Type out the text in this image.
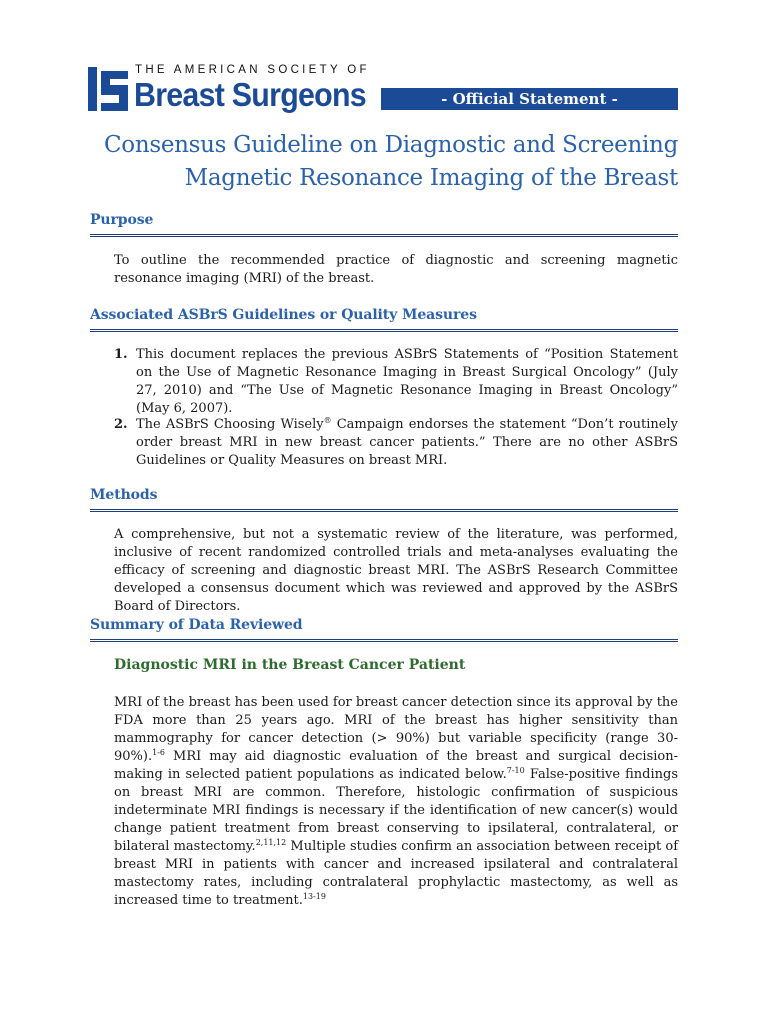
THE AMERICAN SOCIETY OF
Breast Surgeons	- Official Statement -
Consensus Guideline on Diagnostic and Screening
Magnetic Resonance Imaging of the Breast
Purpose
To outline the recommended practice of diagnostic and screening magnetic resonance imaging (MRI) of the breast.
Associated ASBrS Guidelines or Quality Measures
1. This document replaces the previous ASBrS Statements of “Position Statement on the Use of Magnetic Resonance Imaging in Breast Surgical Oncology” (July 27, 2010) and “The Use of Magnetic Resonance Imaging in Breast Oncology” (May 6, 2007).
2. The ASBrS Choosing Wisely® Campaign endorses the statement “Don’t routinely order breast MRI in new breast cancer patients.” There are no other ASBrS Guidelines or Quality Measures on breast MRI.
Methods
A comprehensive, but not a systematic review of the literature, was performed, inclusive of recent randomized controlled trials and meta-analyses evaluating the efficacy of screening and diagnostic breast MRI. The ASBrS Research Committee developed a consensus document which was reviewed and approved by the ASBrS Board of Directors.
Summary of Data Reviewed
Diagnostic MRI in the Breast Cancer Patient
MRI of the breast has been used for breast cancer detection since its approval by the FDA more than 25 years ago. MRI of the breast has higher sensitivity than mammography for cancer detection (> 90%) but variable specificity (range 30-90%).$^{1-6}$ MRI may aid diagnostic evaluation of the breast and surgical decision-making in selected patient populations as indicated below.$^{7-10}$ False-positive findings on breast MRI are common. Therefore, histologic confirmation of suspicious indeterminate MRI findings is necessary if the identification of new cancer(s) would change patient treatment from breast conserving to ipsilateral, contralateral, or bilateral mastectomy.$^{2,11,12}$ Multiple studies confirm an association between receipt of breast MRI in patients with cancer and increased ipsilateral and contralateral mastectomy rates, including contralateral prophylactic mastectomy, as well as increased time to treatment.$^{13-19}$
